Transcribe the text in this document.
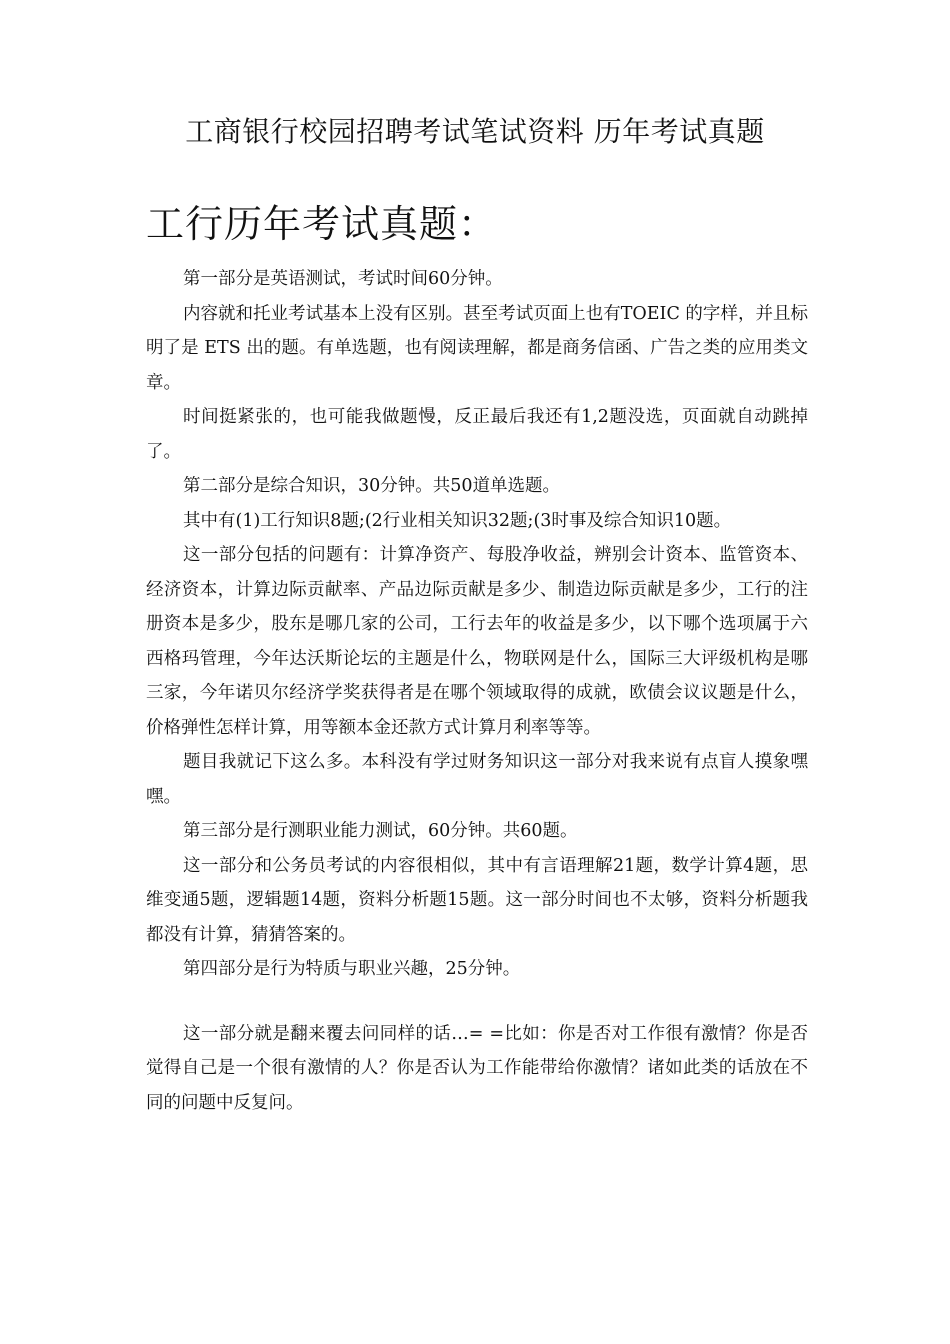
工商银行校园招聘考试笔试资料 历年考试真题
工行历年考试真题：

第一部分是英语测试，考试时间60分钟。

内容就和托业考试基本上没有区别。甚至考试页面上也有TOEIC 的字样，并且标明了是 ETS 出的题。有单选题，也有阅读理解，都是商务信函、广告之类的应用类文章。

时间挺紧张的，也可能我做题慢，反正最后我还有1,2题没选，页面就自动跳掉了。

第二部分是综合知识，30分钟。共50道单选题。

其中有(1)工行知识8题;(2行业相关知识32题;(3时事及综合知识10题。

这一部分包括的问题有：计算净资产、每股净收益，辨别会计资本、监管资本、经济资本，计算边际贡献率、产品边际贡献是多少、制造边际贡献是多少，工行的注册资本是多少，股东是哪几家的公司，工行去年的收益是多少，以下哪个选项属于六西格玛管理，今年达沃斯论坛的主题是什么，物联网是什么，国际三大评级机构是哪三家，今年诺贝尔经济学奖获得者是在哪个领域取得的成就，欧债会议议题是什么，价格弹性怎样计算，用等额本金还款方式计算月利率等等。

题目我就记下这么多。本科没有学过财务知识这一部分对我来说有点盲人摸象嘿嘿。

第三部分是行测职业能力测试，60分钟。共60题。

这一部分和公务员考试的内容很相似，其中有言语理解21题，数学计算4题，思维变通5题，逻辑题14题，资料分析题15题。这一部分时间也不太够，资料分析题我都没有计算，猜猜答案的。

第四部分是行为特质与职业兴趣，25分钟。

这一部分就是翻来覆去问同样的话…= =比如：你是否对工作很有激情？你是否觉得自己是一个很有激情的人？你是否认为工作能带给你激情？诸如此类的话放在不同的问题中反复问。
